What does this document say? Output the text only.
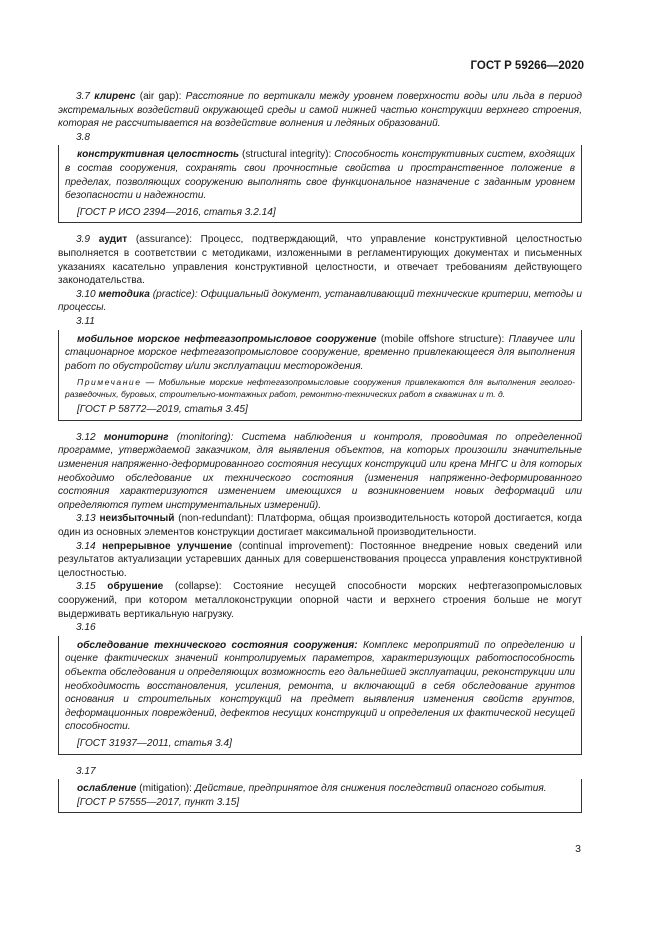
ГОСТ Р 59266—2020

3.7 клиренс (air gap): Расстояние по вертикали между уровнем поверхности воды или льда в период экстремальных воздействий окружающей среды и самой нижней частью конструкции верхнего строения, которая не рассчитывается на воздействие волнения и ледяных образований.

3.8

конструктивная целостность (structural integrity): Способность конструктивных систем, входящих в состав сооружения, сохранять свои прочностные свойства и пространственное положение в пределах, позволяющих сооружению выполнять свое функциональное назначение с заданным уровнем безопасности и надежности.

[ГОСТ Р ИСО 2394—2016, статья 3.2.14]

3.9 аудит (assurance): Процесс, подтверждающий, что управление конструктивной целостностью выполняется в соответствии с методиками, изложенными в регламентирующих документах и письменных указаниях касательно управления конструктивной целостности, и отвечает требованиям действующего законодательства.

3.10 методика (practice): Официальный документ, устанавливающий технические критерии, методы и процессы.

3.11

мобильное морское нефтегазопромысловое сооружение (mobile offshore structure): Плавучее или стационарное морское нефтегазопромысловое сооружение, временно привлекающееся для выполнения работ по обустройству и/или эксплуатации месторождения.

Примечание — Мобильные морские нефтегазопромысловые сооружения привлекаются для выполнения геолого-разведочных, буровых, строительно-монтажных работ, ремонтно-технических работ в скважинах и т. д.

[ГОСТ Р 58772—2019, статья 3.45]

3.12 мониторинг (monitoring): Система наблюдения и контроля, проводимая по определенной программе, утверждаемой заказчиком, для выявления объектов, на которых произошли значительные изменения напряженно-деформированного состояния несущих конструкций или крена МНГС и для которых необходимо обследование их технического состояния (изменения напряженно-деформированного состояния характеризуются изменением имеющихся и возникновением новых деформаций или определяются путем инструментальных измерений).

3.13 неизбыточный (non-redundant): Платформа, общая производительность которой достигается, когда один из основных элементов конструкции достигает максимальной производительности.

3.14 непрерывное улучшение (continual improvement): Постоянное внедрение новых сведений или результатов актуализации устаревших данных для совершенствования процесса управления конструктивной целостностью.

3.15 обрушение (collapse): Состояние несущей способности морских нефтегазопромысловых сооружений, при котором металлоконструкции опорной части и верхнего строения больше не могут выдерживать вертикальную нагрузку.

3.16

обследование технического состояния сооружения: Комплекс мероприятий по определению и оценке фактических значений контролируемых параметров, характеризующих работоспособность объекта обследования и определяющих возможность его дальнейшей эксплуатации, реконструкции или необходимость восстановления, усиления, ремонта, и включающий в себя обследование грунтов основания и строительных конструкций на предмет выявления изменения свойств грунтов, деформационных повреждений, дефектов несущих конструкций и определения их фактической несущей способности.

[ГОСТ 31937—2011, статья 3.4]

3.17

ослабление (mitigation): Действие, предпринятое для снижения последствий опасного события.

[ГОСТ Р 57555—2017, пункт 3.15]

3
